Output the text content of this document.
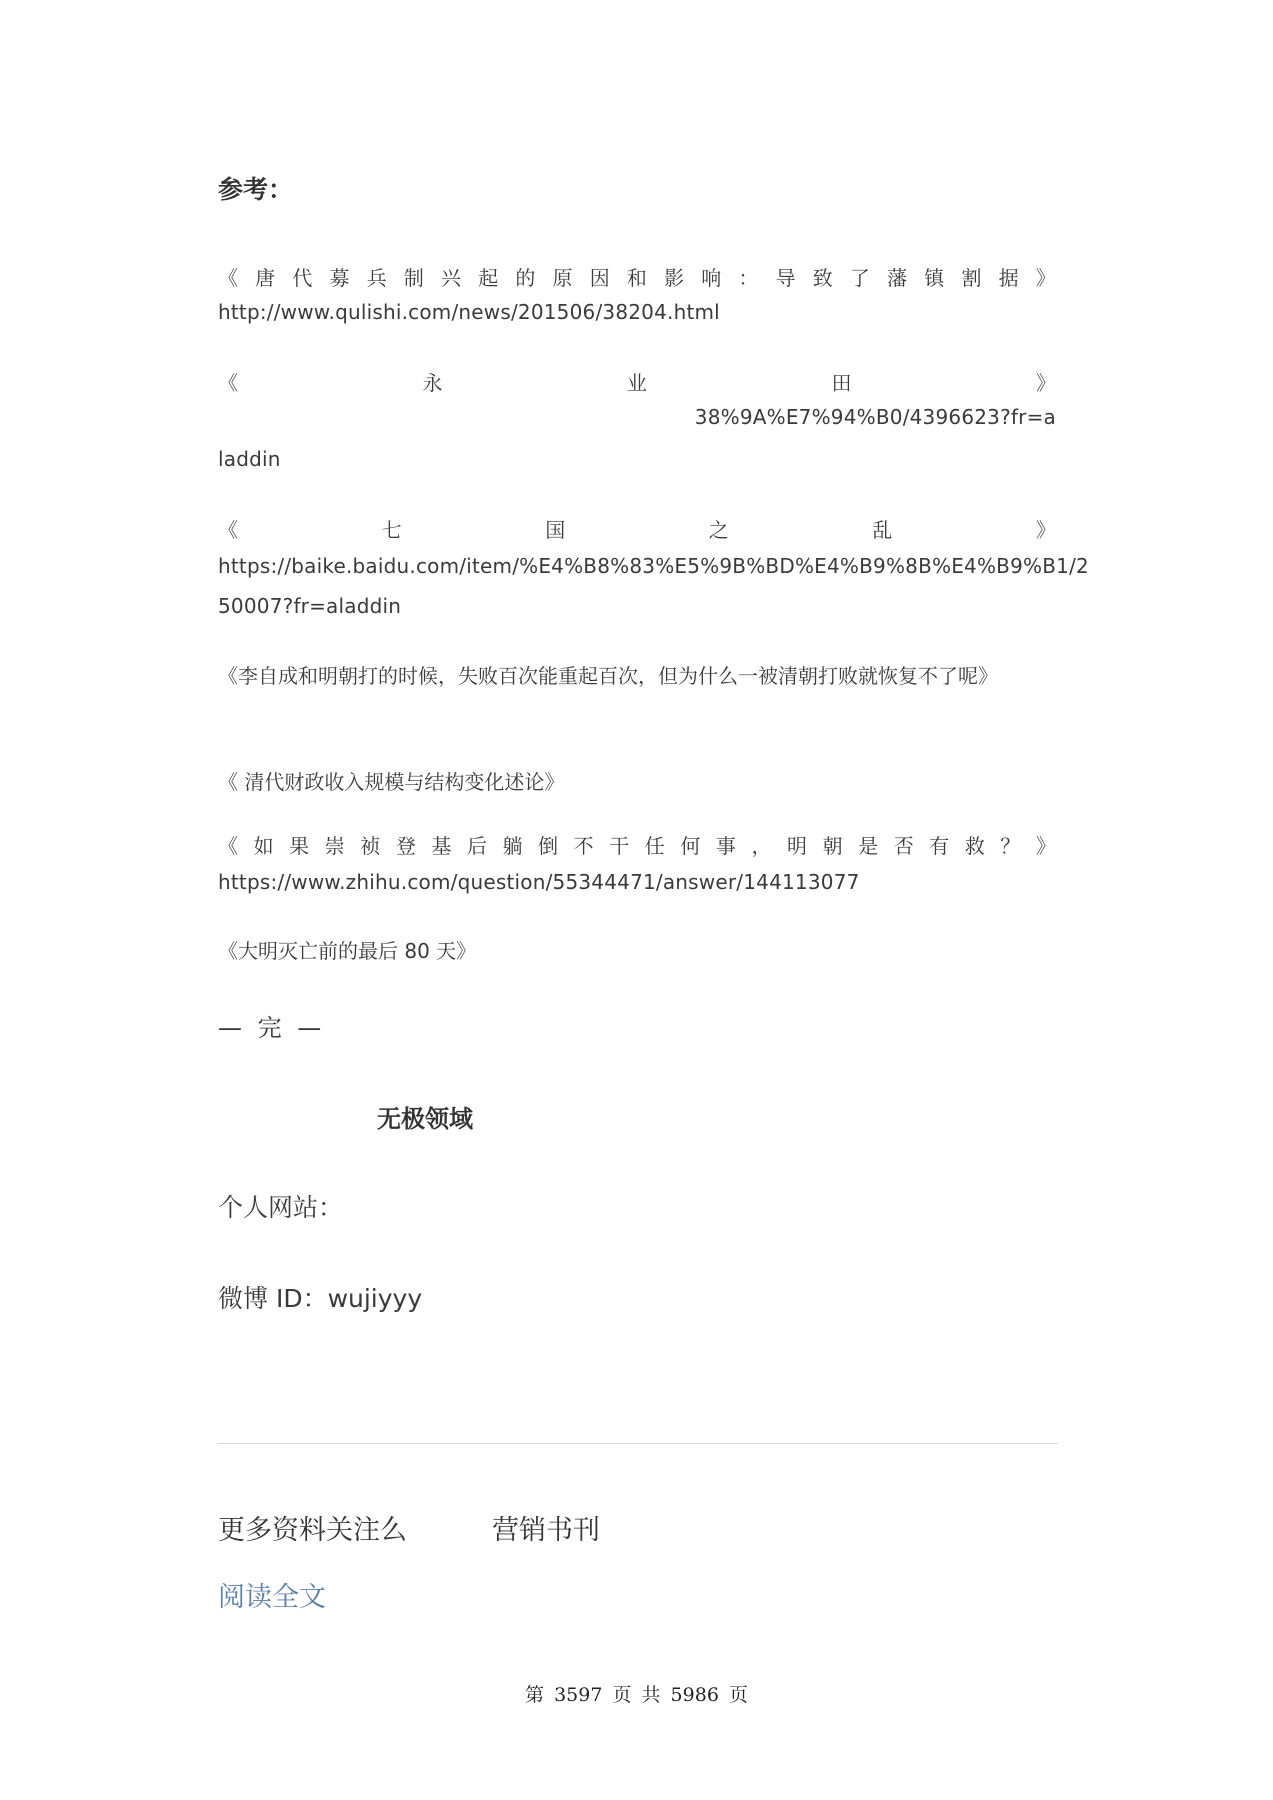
参考：
《 唐 代 募 兵 制 兴 起 的 原 因 和 影 响 ： 导 致 了 藩 镇 割 据 》
http://www.qulishi.com/news/201506/38204.html
《	永	业	田	》
38%9A%E7%94%B0/4396623?fr=a
laddin
《	七	国	之	乱	》
https://baike.baidu.com/item/%E4%B8%83%E5%9B%BD%E4%B9%8B%E4%B9%B1/2
50007?fr=aladdin
《李自成和明朝打的时候，失败百次能重起百次，但为什么一被清朝打败就恢复不了呢》
《 清代财政收入规模与结构变化述论》
《 如 果 崇 祯 登 基 后 躺 倒 不 干 任 何 事 ， 明 朝 是 否 有 救 ？ 》
https://www.zhihu.com/question/55344471/answer/144113077
《大明灭亡前的最后 80 天》
— 完 —
无极领域
个人网站：
微博 ID：wujiyyy
更多资料关注么	营销书刊
阅读全文
第 3597 页 共 5986 页
